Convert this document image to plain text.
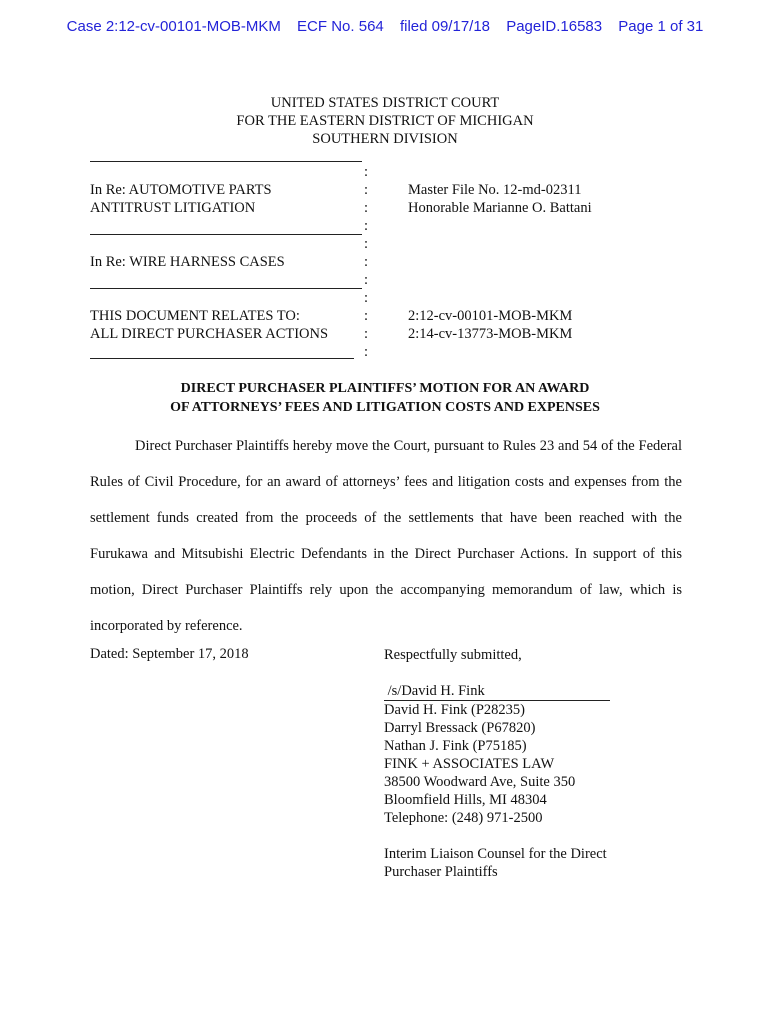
Case 2:12-cv-00101-MOB-MKM ECF No. 564 filed 09/17/18 PageID.16583 Page 1 of 31
UNITED STATES DISTRICT COURT
FOR THE EASTERN DISTRICT OF MICHIGAN
SOUTHERN DIVISION
:
In Re: AUTOMOTIVE PARTS	:	Master File No. 12-md-02311
ANTITRUST LITIGATION	:	Honorable Marianne O. Battani
:
:
In Re: WIRE HARNESS CASES	:
:
:
THIS DOCUMENT RELATES TO:	:	2:12-cv-00101-MOB-MKM
ALL DIRECT PURCHASER ACTIONS :	2:14-cv-13773-MOB-MKM
:
DIRECT PURCHASER PLAINTIFFS’ MOTION FOR AN AWARD
OF ATTORNEYS’ FEES AND LITIGATION COSTS AND EXPENSES
Direct Purchaser Plaintiffs hereby move the Court, pursuant to Rules 23 and 54 of the Federal Rules of Civil Procedure, for an award of attorneys’ fees and litigation costs and expenses from the settlement funds created from the proceeds of the settlements that have been reached with the Furukawa and Mitsubishi Electric Defendants in the Direct Purchaser Actions. In support of this motion, Direct Purchaser Plaintiffs rely upon the accompanying memorandum of law, which is incorporated by reference.
Dated: September 17, 2018	Respectfully submitted,
/s/David H. Fink
David H. Fink (P28235)
Darryl Bressack (P67820)
Nathan J. Fink (P75185)
FINK + ASSOCIATES LAW
38500 Woodward Ave, Suite 350
Bloomfield Hills, MI 48304
Telephone: (248) 971-2500
Interim Liaison Counsel for the Direct
Purchaser Plaintiffs
